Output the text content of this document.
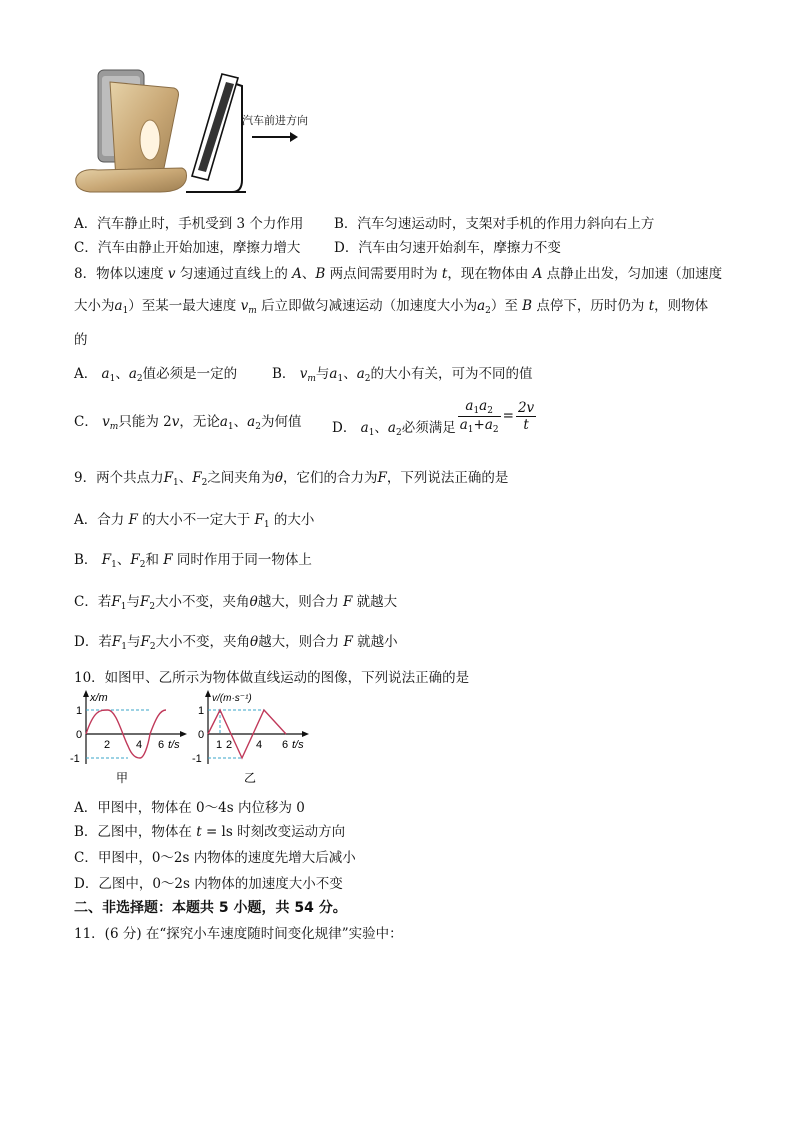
汽车前进方向
A．汽车静止时，手机受到 3 个力作用 B．汽车匀速运动时，支架对手机的作用力斜向右上方
C．汽车由静止开始加速，摩擦力增大 D．汽车由匀速开始刹车，摩擦力不变
8．物体以速度 v 匀速通过直线上的 A、B 两点间需要用时为 t，现在物体由 A 点静止出发，匀加速（加速度
大小为$a_1$）至某一最大速度 $v_m$ 后立即做匀减速运动（加速度大小为$a_2$）至 B 点停下，历时仍为 t，则物体
的
A． $a_1$、$a_2$值必须是一定的	B． $v_m$与$a_1$、$a_2$的大小有关，可为不同的值
C． $v_m$只能为 2v，无论$a_1$、$a_2$为何值 D． $a_1$、$a_2$必须满足 $\frac{a_1a_2}{a_1+a_2} = \frac{2v}{t}$
9．两个共点力$F_1$、$F_2$之间夹角为θ，它们的合力为F，下列说法正确的是
A．合力 F 的大小不一定大于 $F_1$ 的大小
B． $F_1$、$F_2$和 F 同时作用于同一物体上
C．若$F_1$与$F_2$大小不变，夹角θ越大，则合力 F 就越大
D．若$F_1$与$F_2$大小不变，夹角θ越大，则合力 F 就越小
10．如图甲、乙所示为物体做直线运动的图像，下列说法正确的是
x/m
1
0
-1
2 4 6 t/s
甲
v/(m·s⁻¹)
1
0
-1
1 2 4 6 t/s
乙
A．甲图中，物体在 0～4s 内位移为 0
B．乙图中，物体在 t = ls 时刻改变运动方向
C．甲图中，0～2s 内物体的速度先增大后减小
D．乙图中，0～2s 内物体的加速度大小不变
二、非选择题：本题共 5 小题，共 54 分。
11．(6 分) 在“探究小车速度随时间变化规律”实验中：
